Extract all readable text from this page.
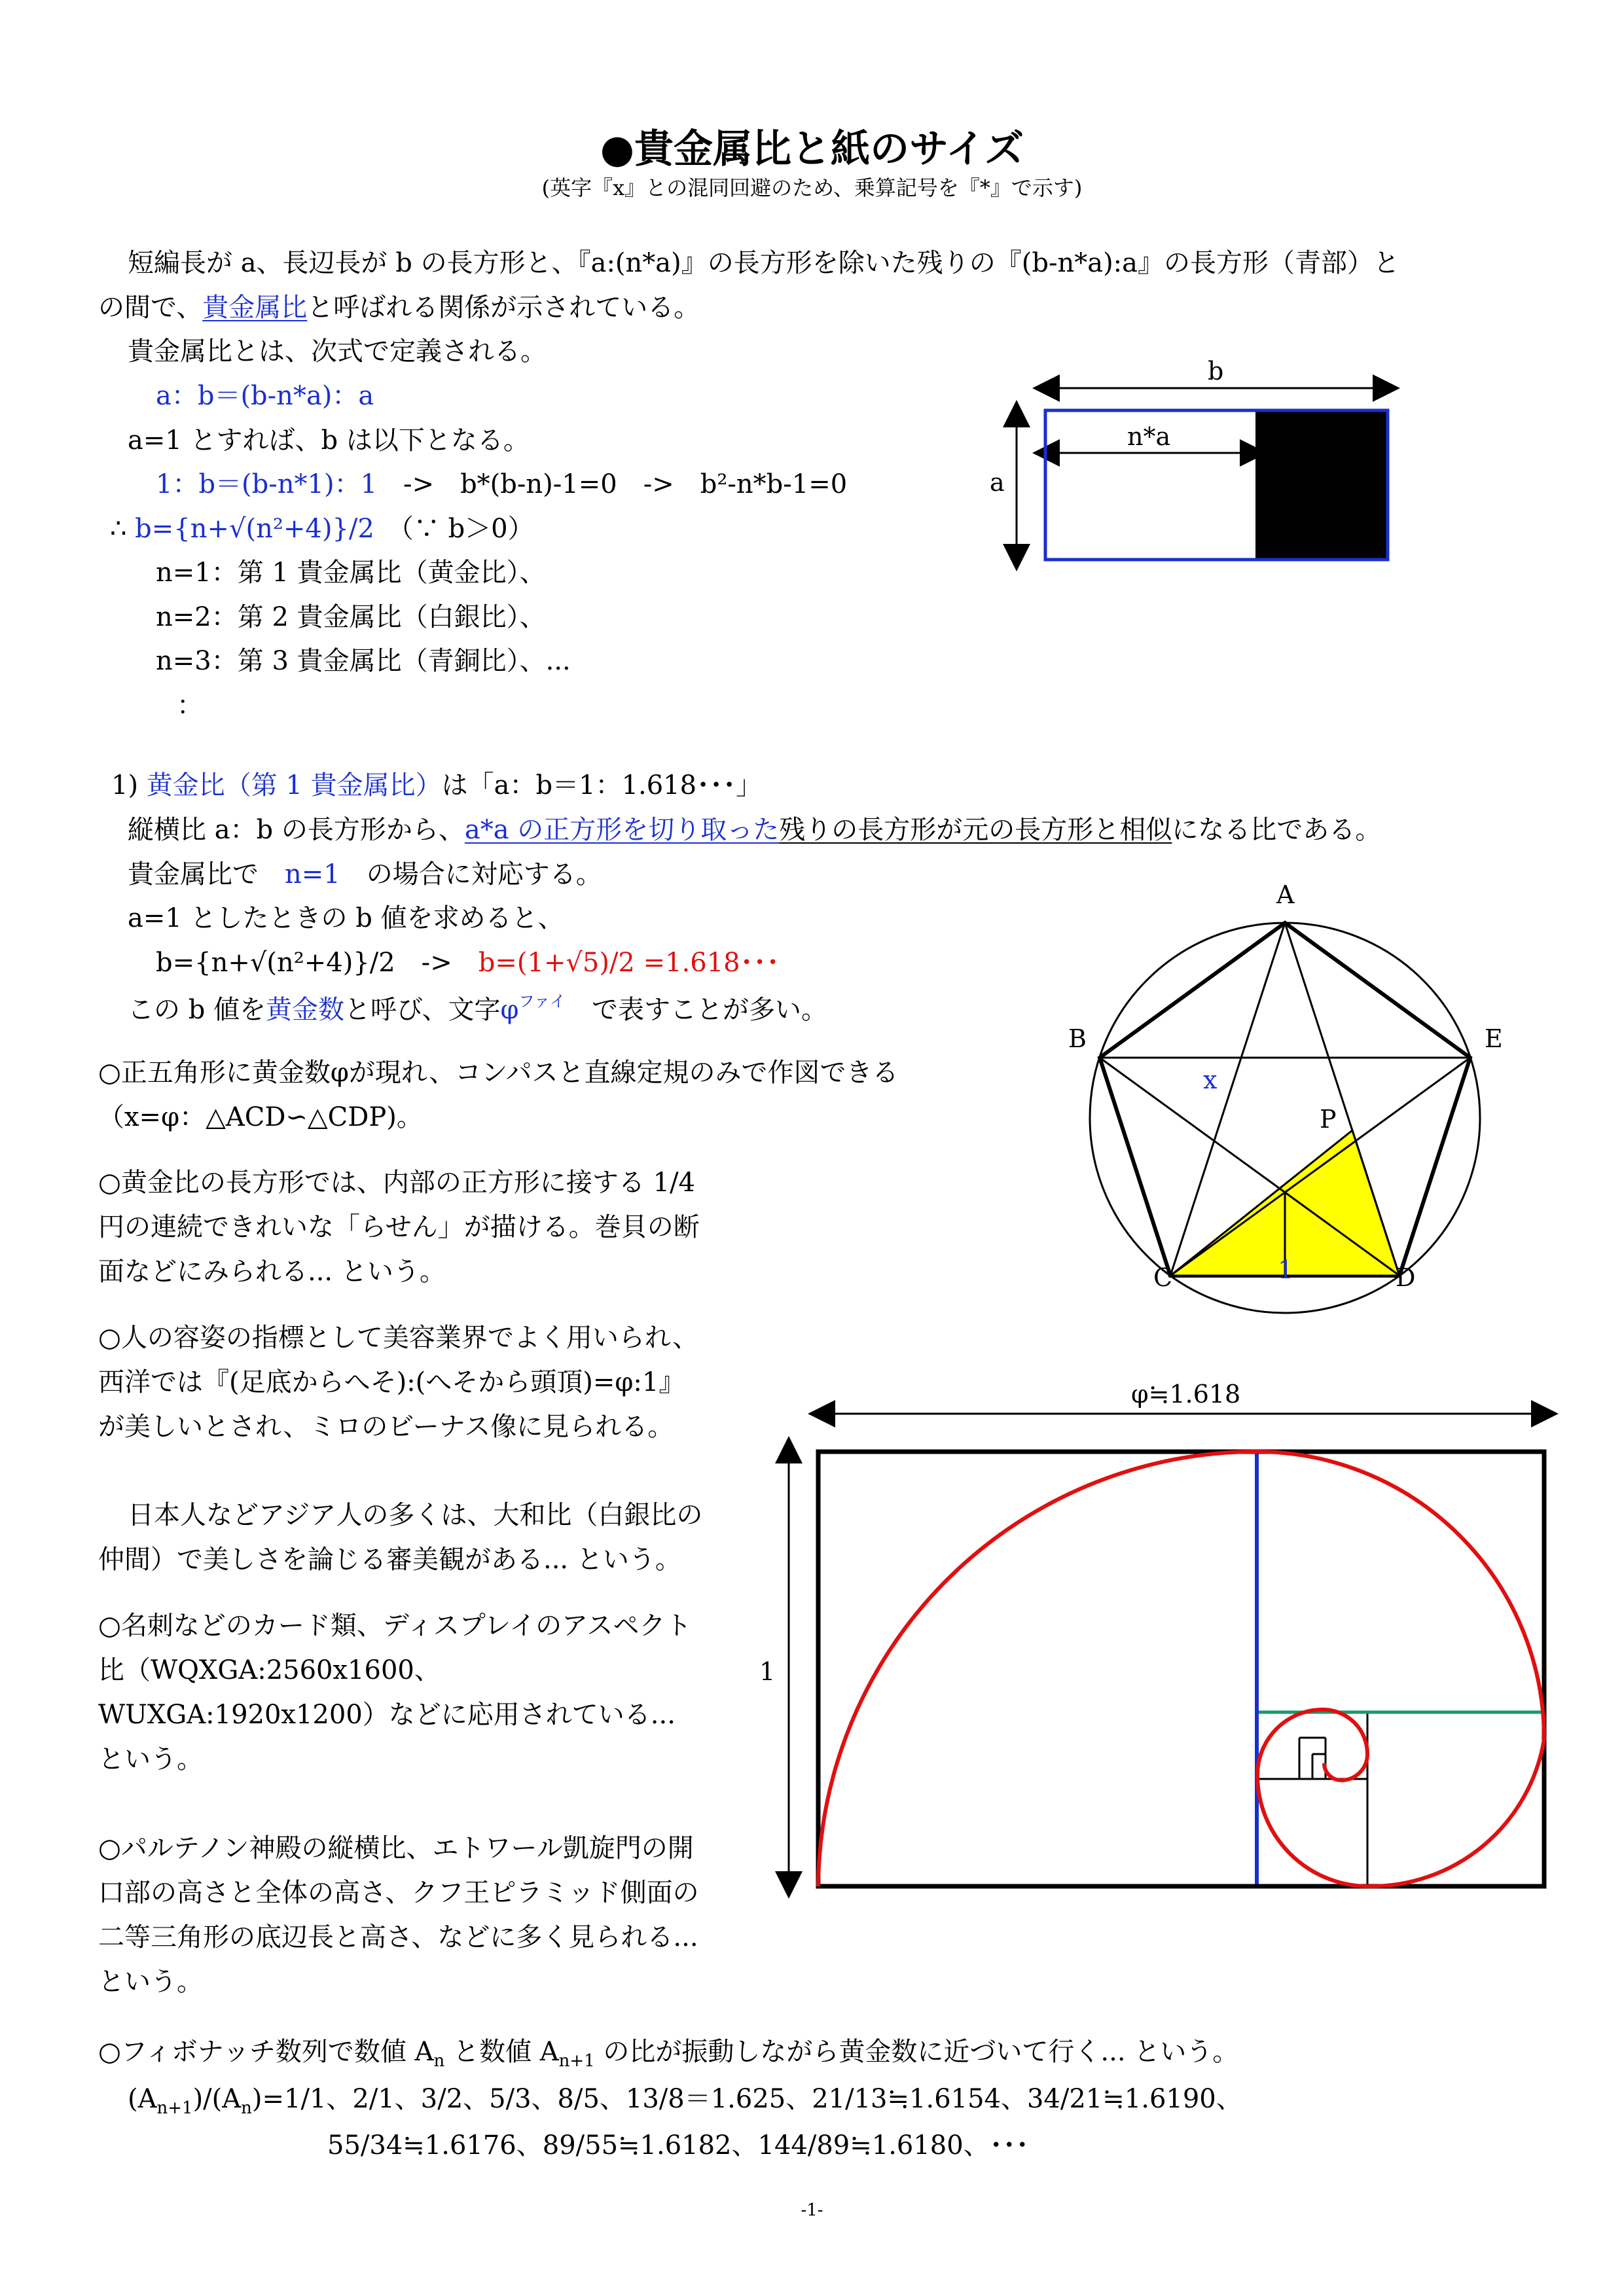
●貴金属比と紙のサイズ
(英字『x』との混同回避のため、乗算記号を『*』で示す)
短編長が a、長辺長が b の長方形と、『a:(n*a)』の長方形を除いた残りの『(b-n*a):a』の長方形（青部）と
の間で、貴金属比と呼ばれる関係が示されている。
貴金属比とは、次式で定義される。
a：b＝(b-n*a)：a
a=1 とすれば、b は以下となる。
1：b＝(b-n*1)：1　 ->　b*(b-n)-1=0　->　b²-n*b-1=0
∴ b={n+√(n²+4)}/2　 （∵ b＞0）
n=1：第 1 貴金属比（黄金比）、
n=2：第 2 貴金属比（白銀比）、
n=3：第 3 貴金属比（青銅比）、...
：
b
n*a
a
1) 黄金比（第 1 貴金属比）は「a：b＝1：1.618･･･」
縦横比 a：b の長方形から、a*a の正方形を切り取った残りの長方形が元の長方形と相似になる比である。
貴金属比で　 n=1　 の場合に対応する。
a=1 としたときの b 値を求めると、
b={n+√(n²+4)}/2　->　 b=(1+√5)/2 =1.618･･･
この b 値を黄金数と呼び、文字$\varphi^{ファイ}$　 で表すことが多い。
○正五角形に黄金数φが現れ、コンパスと直線定規のみで作図できる（x=φ：△ACD∽△CDP)。
○黄金比の長方形では、内部の正方形に接する 1/4 円の連続できれいな「らせん」が描ける。巻貝の断面などにみられる... という。
○人の容姿の指標として美容業界でよく用いられ、西洋では『(足底からへそ):(へそから頭頂)=φ:1』が美しいとされ、ミロのビーナス像に見られる。
日本人などアジア人の多くは、大和比（白銀比の仲間）で美しさを論じる審美観がある... という。
○名刺などのカード類、ディスプレイのアスペクト比（WQXGA:2560x1600、WUXGA:1920x1200）などに応用されている... という。
○パルテノン神殿の縦横比、エトワール凱旋門の開口部の高さと全体の高さ、クフ王ピラミッド側面の二等三角形の底辺長と高さ、などに多く見られる... という。
A
B	E
C	D
P
x
1
φ≒1.618
1
○フィボナッチ数列で数値 $A_n$ と数値 $A_{n+1}$ の比が振動しながら黄金数に近づいて行く... という。
$(A_{n+1})/(A_n)=1/1$、2/1、3/2、5/3、8/5、13/8＝1.625、21/13≒1.6154、34/21≒1.6190、
55/34≒1.6176、89/55≒1.6182、144/89≒1.6180、･･･
-1-
